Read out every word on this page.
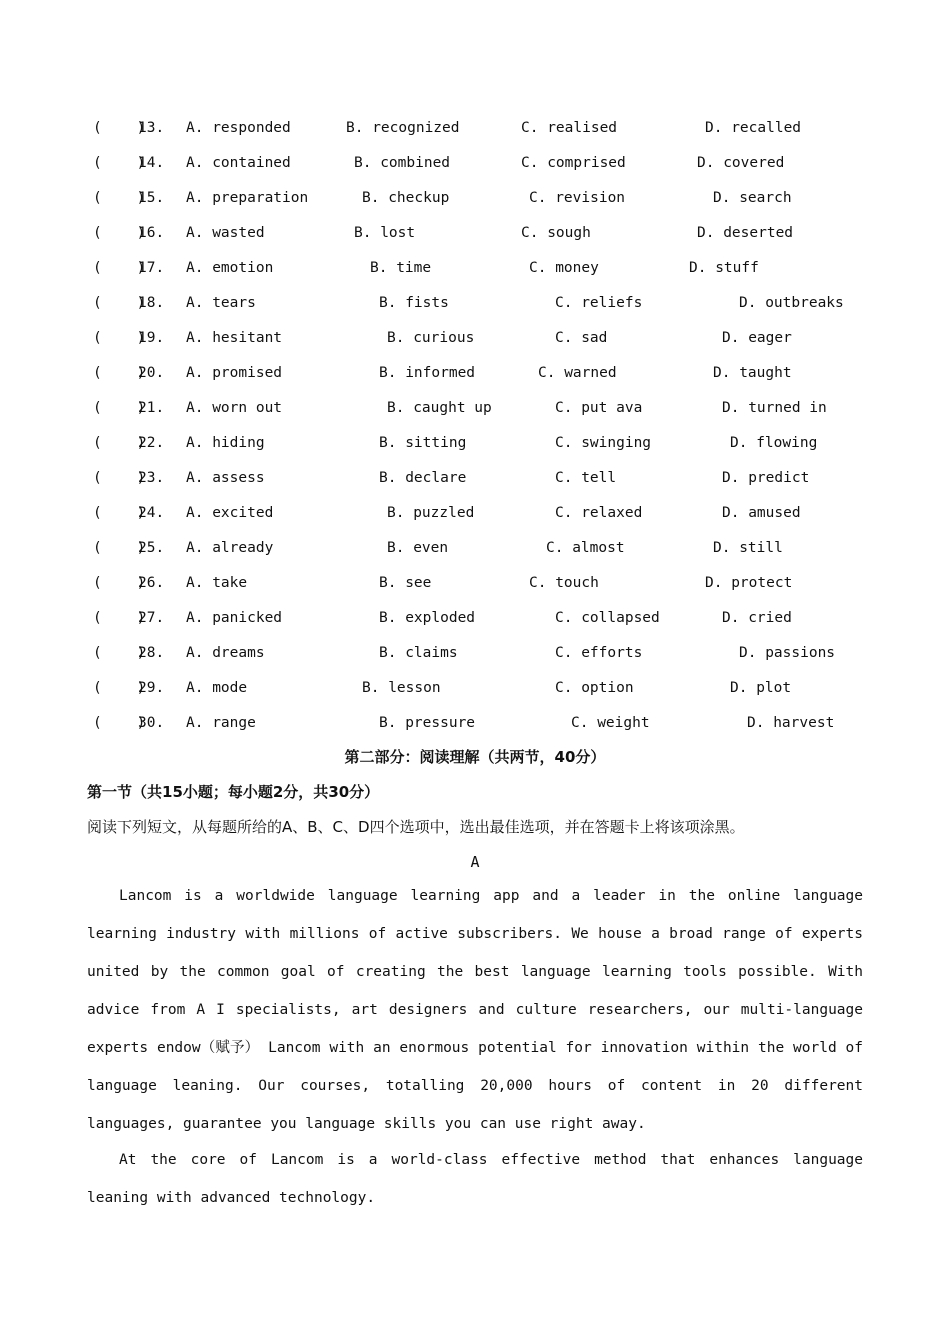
(    )
13. A. responded	B. recognized	C. realised	D. recalled
(    )
14. A. contained	B. combined	C. comprised	D. covered
(    )
15. A. preparation	B. checkup	C. revision	D. search
(    )
16. A. wasted	B. lost	C. sough	D. deserted
(    )
17. A. emotion	B. time	C. money	D. stuff
(    )
18. A. tears	B. fists	C. reliefs	D. outbreaks
(    )
19. A. hesitant	B. curious	C. sad	D. eager
(    )
20. A. promised	B. informed	C. warned	D. taught
(    )
21. A. worn out	B. caught up	C. put ava	D. turned in
(    )
22. A. hiding	B. sitting	C. swinging	D. flowing
(    )
23. A. assess	B. declare	C. tell	D. predict
(    )
24. A. excited	B. puzzled	C. relaxed	D. amused
(    )
25. A. already	B. even	C. almost	D. still
(    )
26. A. take	B. see	C. touch	D. protect
(    )
27. A. panicked	B. exploded	C. collapsed	D. cried
(    )
28. A. dreams	B. claims	C. efforts	D. passions
(    )
29. A. mode	B. lesson	C. option	D. plot
(    )
30. A. range	B. pressure	C. weight	D. harvest
第二部分：阅读理解（共两节，40分）
第一节（共15小题；每小题2分，共30分）
阅读下列短文，从每题所给的A、B、C、D四个选项中，选出最佳选项，并在答题卡上将该项涂黑。
A

Lancom is a worldwide language learning app and a leader in the online language learning industry with millions of active subscribers. We house a broad range of experts united by the common goal of creating the best language learning tools possible. With advice from A I specialists, art designers and culture researchers, our multi-language experts endow（赋予） Lancom with an enormous potential for innovation within the world of language leaning. Our courses, totalling 20,000 hours of content in 20 different languages, guarantee you language skills you can use right away.

At the core of Lancom is a world-class effective method that enhances language leaning with advanced technology.
